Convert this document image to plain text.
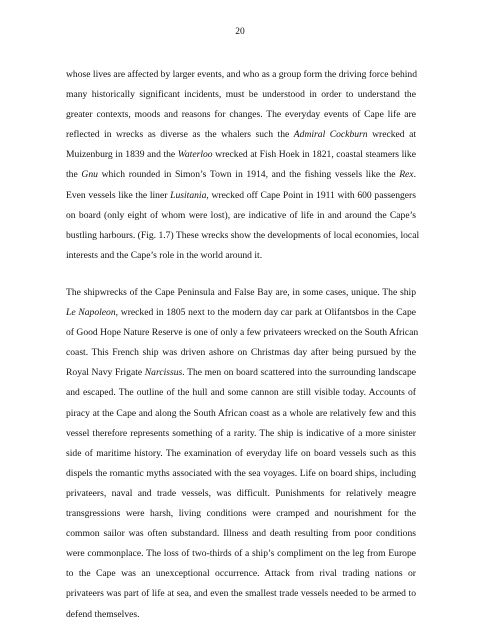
20
whose lives are affected by larger events, and who as a group form the driving force behind
many historically significant incidents, must be understood in order to understand the
greater contexts, moods and reasons for changes. The everyday events of Cape life are
reflected in wrecks as diverse as the whalers such the Admiral Cockburn wrecked at
Muizenburg in 1839 and the Waterloo wrecked at Fish Hoek in 1821, coastal steamers like
the Gnu which rounded in Simon’s Town in 1914, and the fishing vessels like the Rex.
Even vessels like the liner Lusitania, wrecked off Cape Point in 1911 with 600 passengers
on board (only eight of whom were lost), are indicative of life in and around the Cape’s
bustling harbours. (Fig. 1.7) These wrecks show the developments of local economies, local
interests and the Cape’s role in the world around it.
The shipwrecks of the Cape Peninsula and False Bay are, in some cases, unique. The ship
Le Napoleon, wrecked in 1805 next to the modern day car park at Olifantsbos in the Cape
of Good Hope Nature Reserve is one of only a few privateers wrecked on the South African
coast. This French ship was driven ashore on Christmas day after being pursued by the
Royal Navy Frigate Narcissus. The men on board scattered into the surrounding landscape
and escaped. The outline of the hull and some cannon are still visible today. Accounts of
piracy at the Cape and along the South African coast as a whole are relatively few and this
vessel therefore represents something of a rarity. The ship is indicative of a more sinister
side of maritime history. The examination of everyday life on board vessels such as this
dispels the romantic myths associated with the sea voyages. Life on board ships, including
privateers, naval and trade vessels, was difficult. Punishments for relatively meagre
transgressions were harsh, living conditions were cramped and nourishment for the
common sailor was often substandard. Illness and death resulting from poor conditions
were commonplace. The loss of two-thirds of a ship’s compliment on the leg from Europe
to the Cape was an unexceptional occurrence. Attack from rival trading nations or
privateers was part of life at sea, and even the smallest trade vessels needed to be armed to
defend themselves.
